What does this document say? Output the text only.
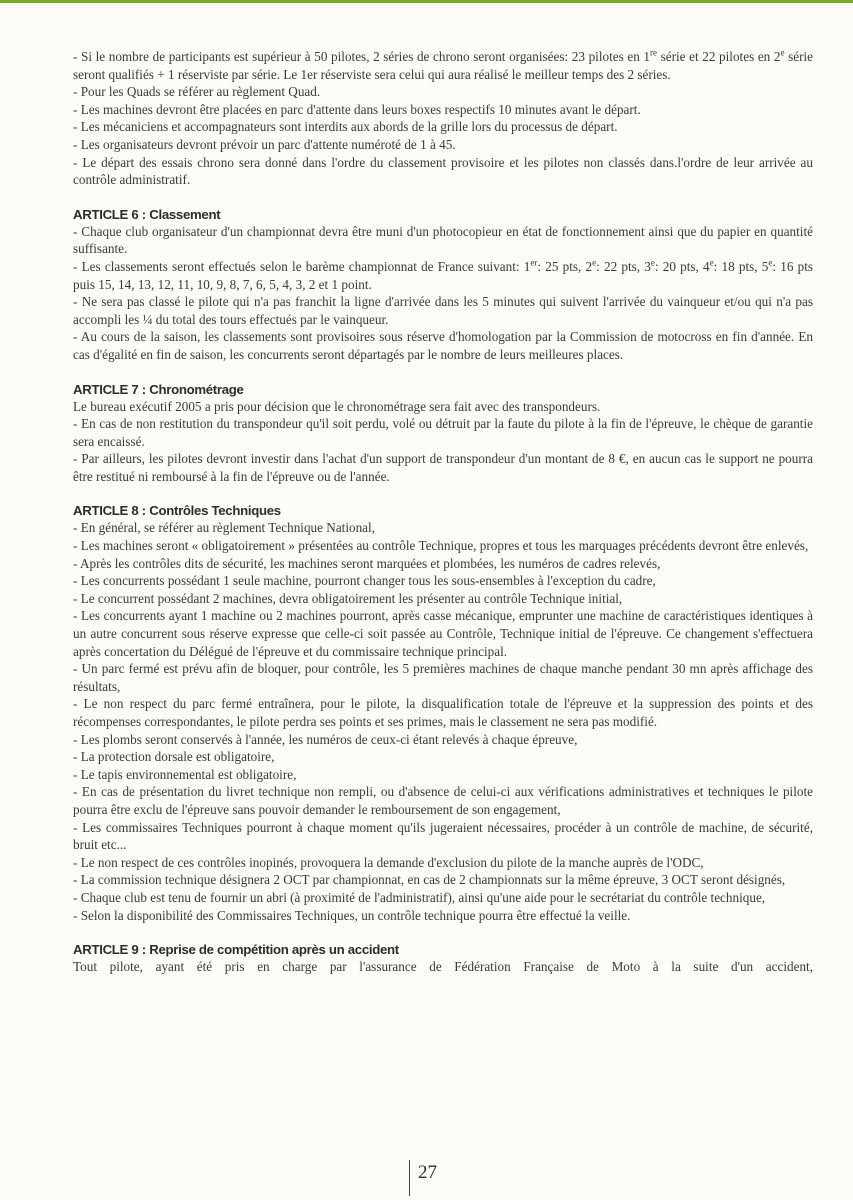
- Si le nombre de participants est supérieur à 50 pilotes, 2 séries de chrono seront organisées: 23 pilotes en 1re série et 22 pilotes en 2e série seront qualifiés + 1 réserviste par série. Le 1er réserviste sera celui qui aura réalisé le meilleur temps des 2 séries.

- Pour les Quads se référer au règlement Quad.

- Les machines devront être placées en parc d'attente dans leurs boxes respectifs 10 minutes avant le départ.

- Les mécaniciens et accompagnateurs sont interdits aux abords de la grille lors du processus de départ.

- Les organisateurs devront prévoir un parc d'attente numéroté de 1 à 45.

- Le départ des essais chrono sera donné dans l'ordre du classement provisoire et les pilotes non classés dans.l'ordre de leur arrivée au contrôle administratif.

ARTICLE 6 : Classement

- Chaque club organisateur d'un championnat devra être muni d'un photocopieur en état de fonctionnement ainsi que du papier en quantité suffisante.

- Les classements seront effectués selon le barème championnat de France suivant: 1er: 25 pts, 2e: 22 pts, 3e: 20 pts, 4e: 18 pts, 5e: 16 pts puis 15, 14, 13, 12, 11, 10, 9, 8, 7, 6, 5, 4, 3, 2 et 1 point.

- Ne sera pas classé le pilote qui n'a pas franchit la ligne d'arrivée dans les 5 minutes qui suivent l'arrivée du vainqueur et/ou qui n'a pas accompli les ¼ du total des tours effectués par le vainqueur.

- Au cours de la saison, les classements sont provisoires sous réserve d'homologation par la Commission de motocross en fin d'année. En cas d'égalité en fin de saison, les concurrents seront départagés par le nombre de leurs meilleures places.

ARTICLE 7 : Chronométrage

Le bureau exécutif 2005 a pris pour décision que le chronométrage sera fait avec des transpondeurs.

- En cas de non restitution du transpondeur qu'il soit perdu, volé ou détruit par la faute du pilote à la fin de l'épreuve, le chèque de garantie sera encaissé.

- Par ailleurs, les pilotes devront investir dans l'achat d'un support de transpondeur d'un montant de 8 €, en aucun cas le support ne pourra être restitué ni remboursé à la fin de l'épreuve ou de l'année.

ARTICLE 8 : Contrôles Techniques

- En général, se référer au règlement Technique National,

- Les machines seront « obligatoirement » présentées au contrôle Technique, propres et tous les marquages précédents devront être enlevés,

- Après les contrôles dits de sécurité, les machines seront marquées et plombées, les numéros de cadres relevés,

- Les concurrents possédant 1 seule machine, pourront changer tous les sous-ensembles à l'exception du cadre,

- Le concurrent possédant 2 machines, devra obligatoirement les présenter au contrôle Technique initial,

- Les concurrents ayant 1 machine ou 2 machines pourront, après casse mécanique, emprunter une machine de caractéristiques identiques à un autre concurrent sous réserve expresse que celle-ci soit passée au Contrôle, Technique initial de l'épreuve. Ce changement s'effectuera après concertation du Délégué de l'épreuve et du commissaire technique principal.

- Un parc fermé est prévu afin de bloquer, pour contrôle, les 5 premières machines de chaque manche pendant 30 mn après affichage des résultats,

- Le non respect du parc fermé entraînera, pour le pilote, la disqualification totale de l'épreuve et la suppression des points et des récompenses correspondantes, le pilote perdra ses points et ses primes, mais le classement ne sera pas modifié.

- Les plombs seront conservés à l'année, les numéros de ceux-ci étant relevés à chaque épreuve,

- La protection dorsale est obligatoire,

- Le tapis environnemental est obligatoire,

- En cas de présentation du livret technique non rempli, ou d'absence de celui-ci aux vérifications administratives et techniques le pilote pourra être exclu de l'épreuve sans pouvoir demander le remboursement de son engagement,

- Les commissaires Techniques pourront à chaque moment qu'ils jugeraient nécessaires, procéder à un contrôle de machine, de sécurité, bruit etc...

- Le non respect de ces contrôles inopinés, provoquera la demande d'exclusion du pilote de la manche auprès de l'ODC,

- La commission technique désignera 2 OCT par championnat, en cas de 2 championnats sur la même épreuve, 3 OCT seront désignés,

- Chaque club est tenu de fournir un abri (à proximité de l'administratif), ainsi qu'une aide pour le secrétariat du contrôle technique,

- Selon la disponibilité des Commissaires Techniques, un contrôle technique pourra être effectué la veille.

ARTICLE 9 : Reprise de compétition après un accident

Tout pilote, ayant été pris en charge par l'assurance de Fédération Française de Moto à la suite d'un accident,

27
